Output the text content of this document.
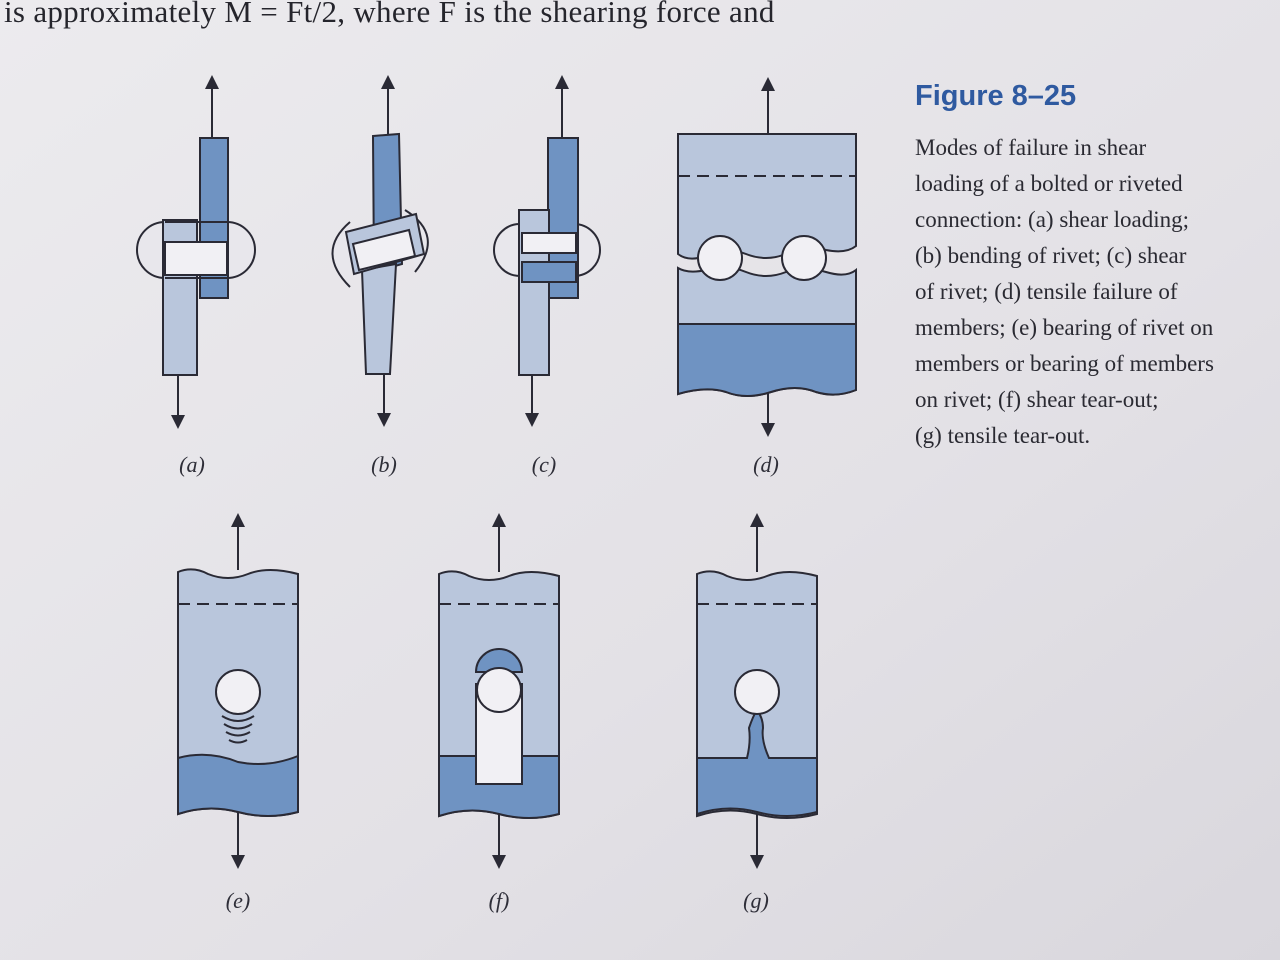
is approximately M = Ft/2, where F is the shearing force and
(a)	(b)	(c)	(d)
(e)	(f)	(g)
Figure 8–25
Modes of failure in shear
loading of a bolted or riveted
connection: (a) shear loading;
(b) bending of rivet; (c) shear
of rivet; (d) tensile failure of
members; (e) bearing of rivet on
members or bearing of members
on rivet; (f) shear tear-out;
(g) tensile tear-out.
